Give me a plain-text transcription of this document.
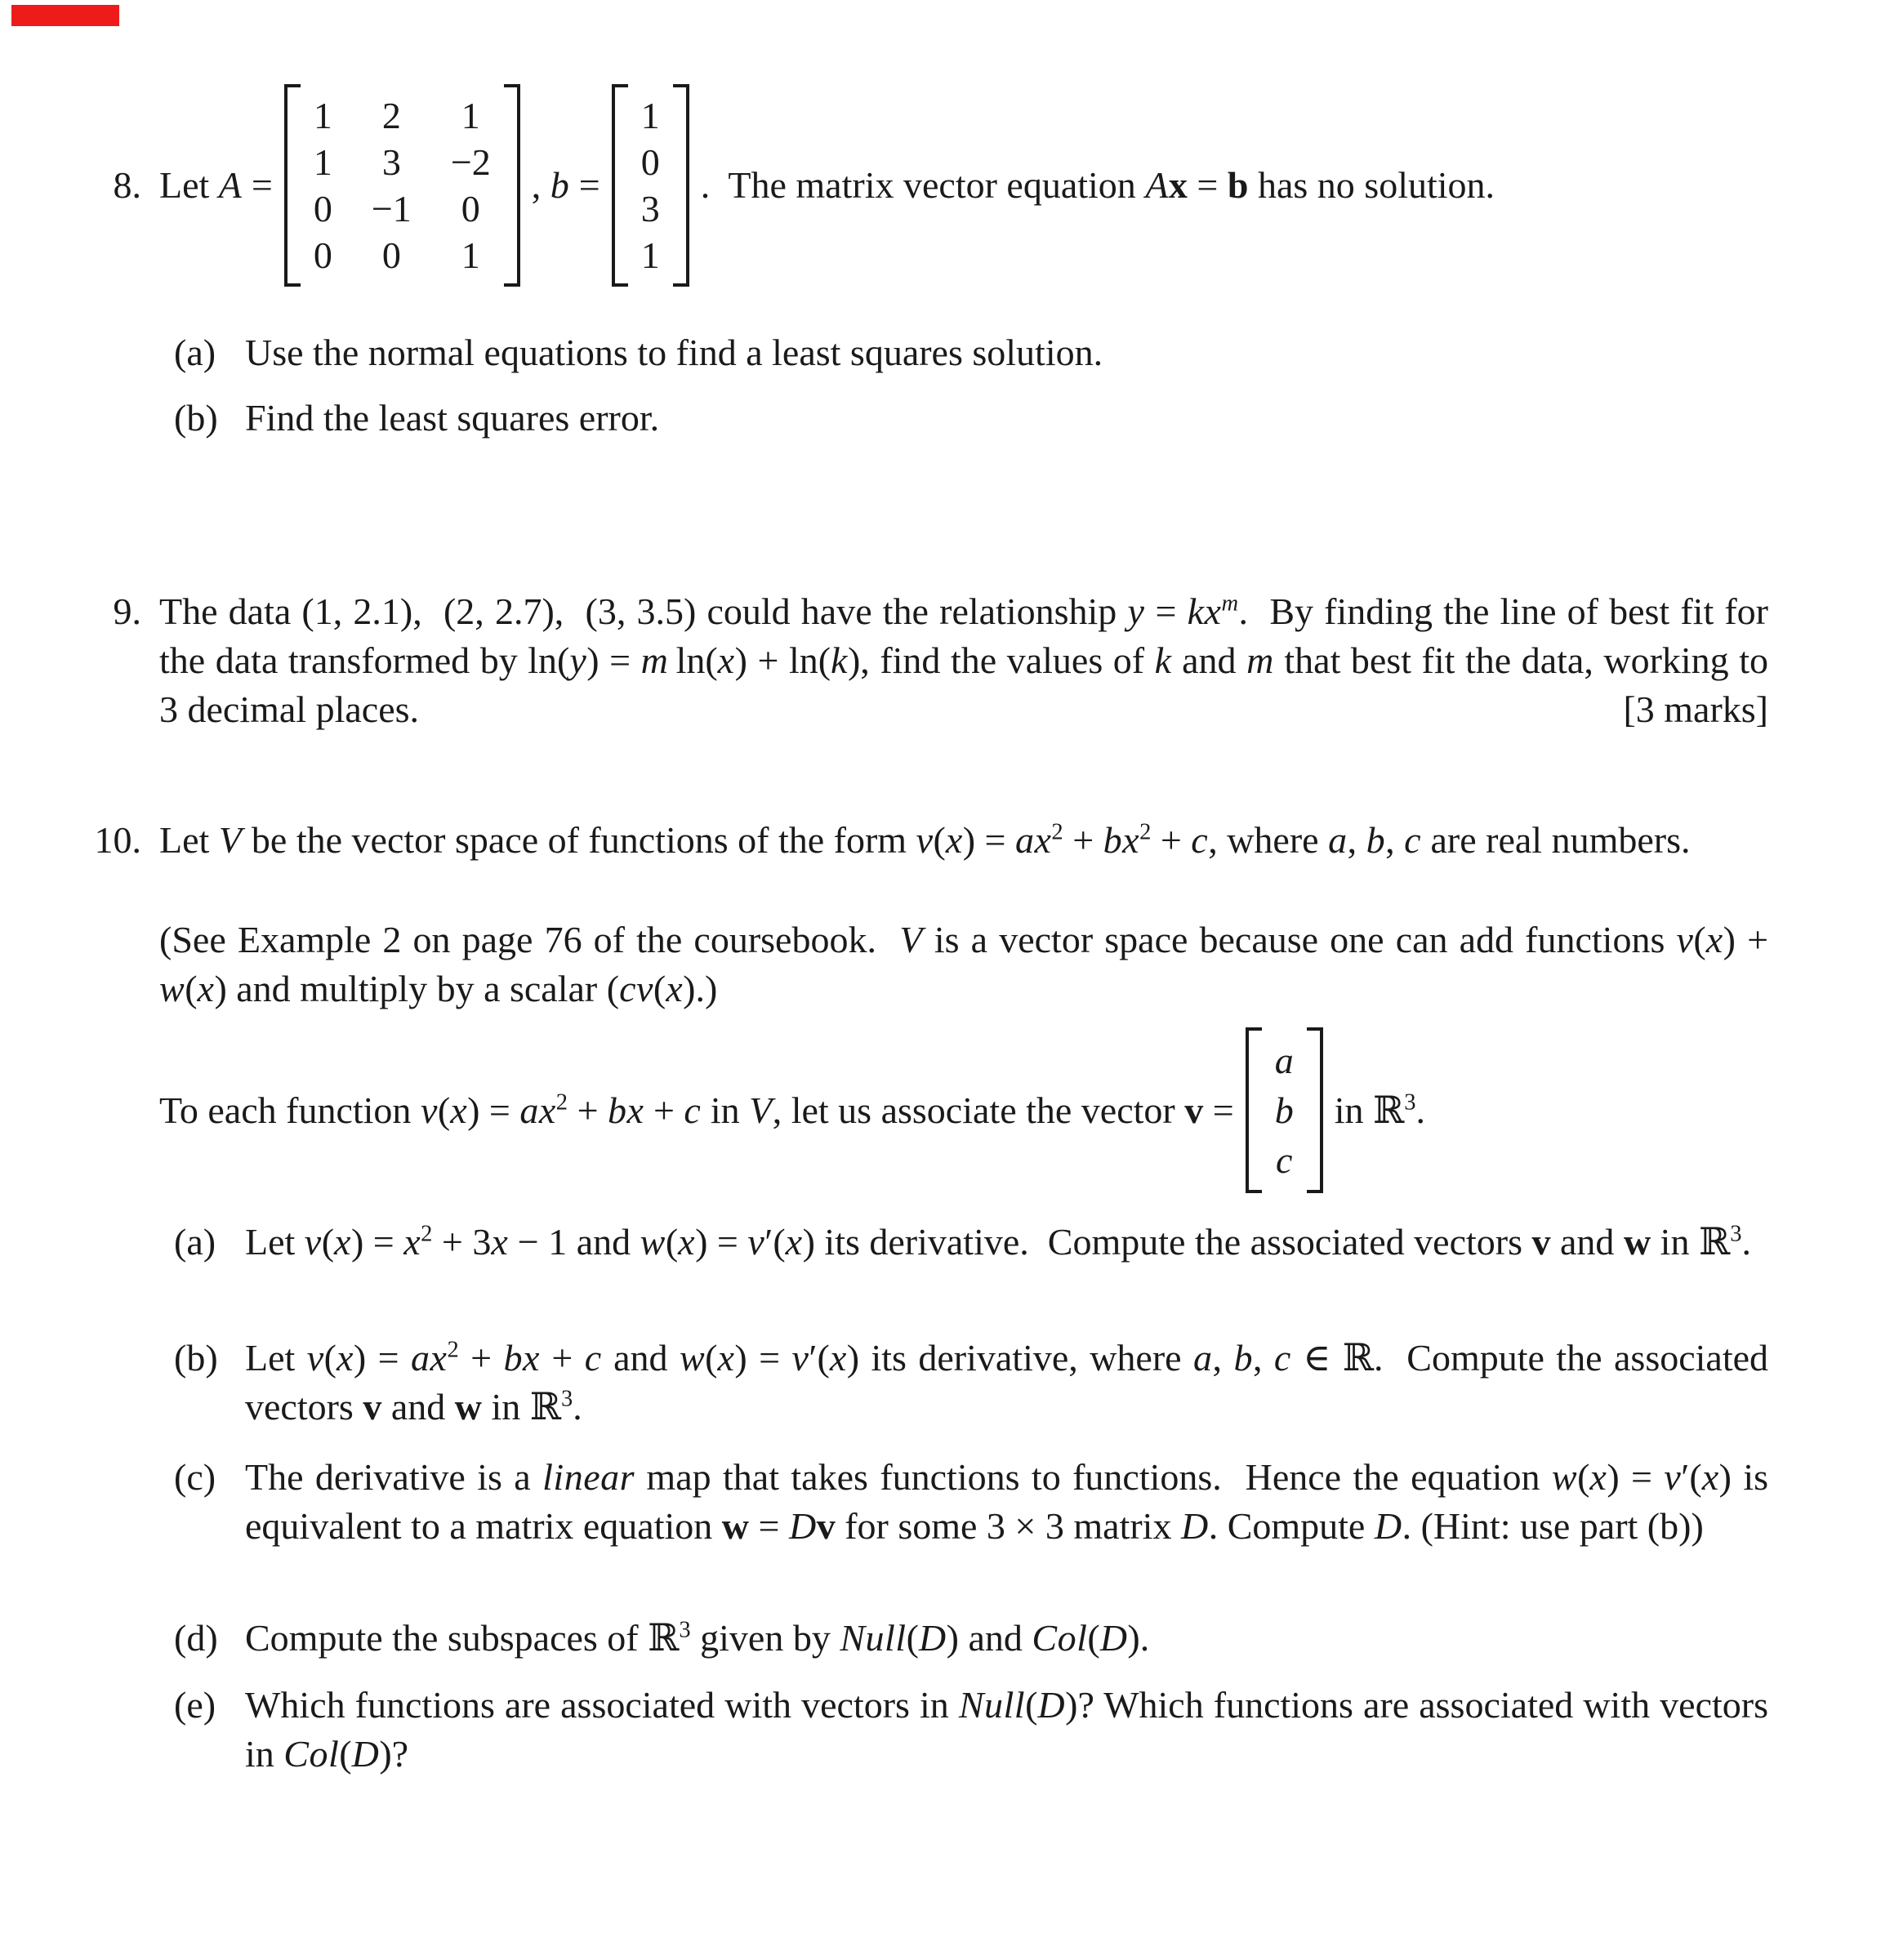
8. Let A =
1 2 1
1 3 −2
0 −1 0
0 0 1
, b =
1
0
3
1
.  The matrix vector equation Ax = b has no solution.
(a) Use the normal equations to find a least squares solution.
(b) Find the least squares error.
9. The data (1, 2.1),  (2, 2.7),  (3, 3.5) could have the relationship $y = kx^m$.  By finding the line of best fit for the data transformed by ln(y) = m ln(x) + ln(k), find the values of k and m that best fit the data, working to 3 decimal places.	[3 marks]
10. Let V be the vector space of functions of the form $v(x) = ax^2 + bx^2 + c$, where a, b, c are real numbers.
(See Example 2 on page 76 of the coursebook.  V is a vector space because one can add functions v(x) + w(x) and multiply by a scalar (cv(x).)
To each function $v(x) = ax^2$ + bx + c in V, let us associate the vector v =
a
b
c
in ℝ$^3$.
(a) Let $v(x) = x^2 + 3x - 1$ and w(x) = v′(x) its derivative.  Compute the associated vectors v and w in ℝ$^3$.
(b) Let $v(x) = ax^2$ + bx + c and w(x) = v′(x) its derivative, where a, b, c ∈ ℝ.  Compute the associated vectors v and w in ℝ$^3$.
(c) The derivative is a linear map that takes functions to functions.  Hence the equation w(x) = v′(x) is equivalent to a matrix equation w = Dv for some 3 × 3 matrix D. Compute D. (Hint: use part (b))
(d) Compute the subspaces of ℝ$^3$ given by Null(D) and Col(D).
(e) Which functions are associated with vectors in Null(D)? Which functions are associated with vectors in Col(D)?
